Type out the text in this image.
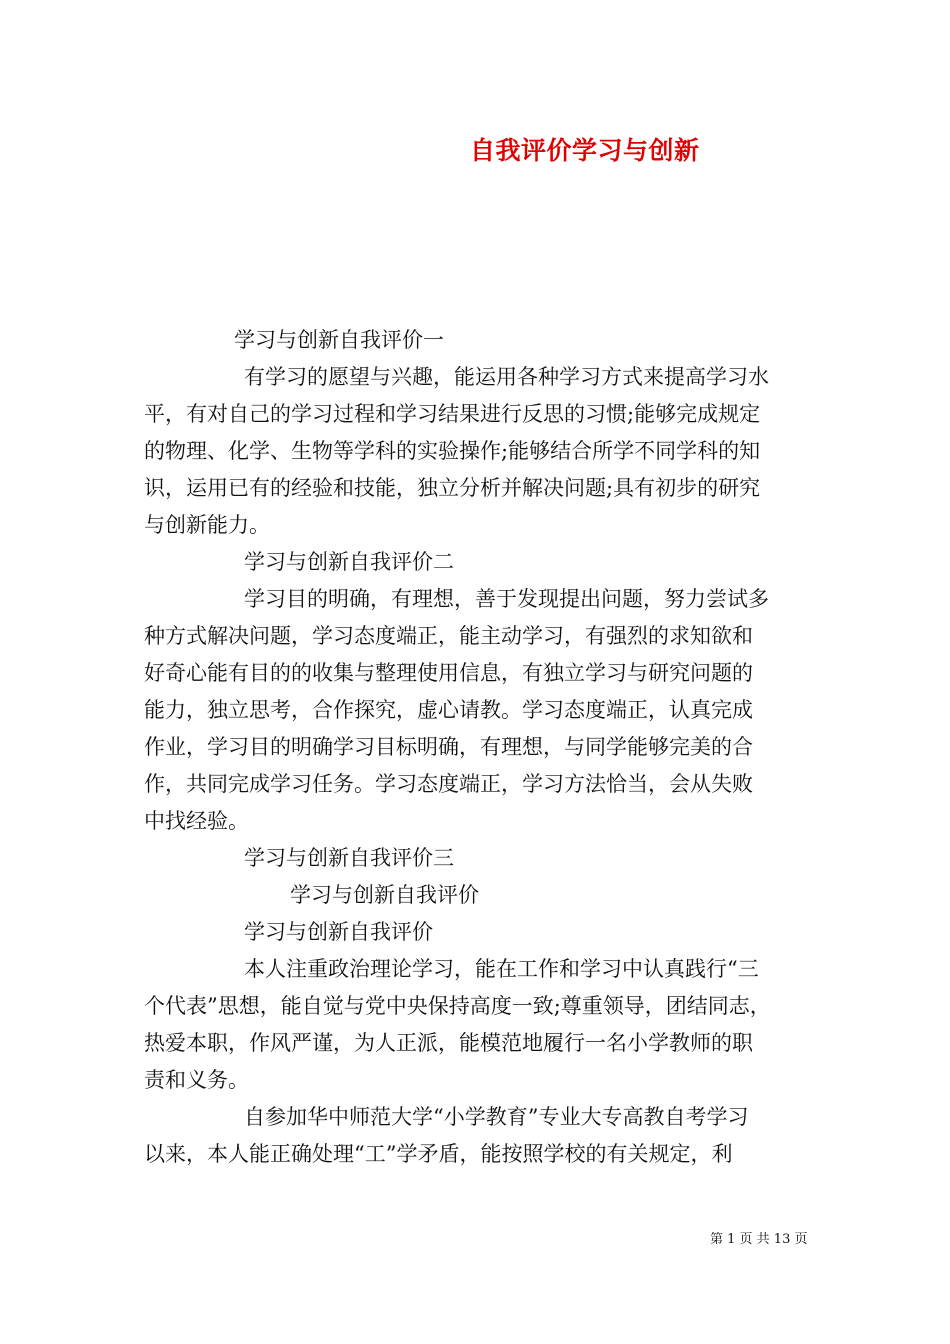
自我评价学习与创新
学习与创新自我评价一
有学习的愿望与兴趣，能运用各种学习方式来提高学习水
平，有对自己的学习过程和学习结果进行反思的习惯;能够完成规定
的物理、化学、生物等学科的实验操作;能够结合所学不同学科的知
识，运用已有的经验和技能，独立分析并解决问题;具有初步的研究
与创新能力。
学习与创新自我评价二
学习目的明确，有理想，善于发现提出问题，努力尝试多
种方式解决问题，学习态度端正，能主动学习，有强烈的求知欲和
好奇心能有目的的收集与整理使用信息，有独立学习与研究问题的
能力，独立思考，合作探究，虚心请教。学习态度端正，认真完成
作业，学习目的明确学习目标明确，有理想，与同学能够完美的合
作，共同完成学习任务。学习态度端正，学习方法恰当，会从失败
中找经验。
学习与创新自我评价三
学习与创新自我评价
学习与创新自我评价
本人注重政治理论学习，能在工作和学习中认真践行“三
个代表”思想，能自觉与党中央保持高度一致;尊重领导，团结同志，
热爱本职，作风严谨，为人正派，能模范地履行一名小学教师的职
责和义务。
自参加华中师范大学“小学教育”专业大专高教自考学习
以来，本人能正确处理“工”学矛盾，能按照学校的有关规定，利
第 1 页 共 13 页
